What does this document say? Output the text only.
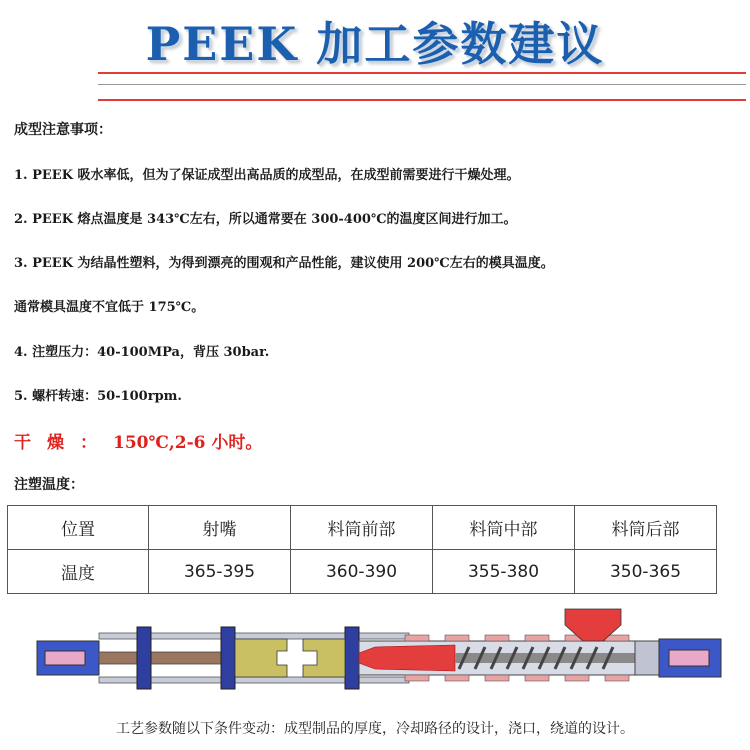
PEEK 加工参数建议
成型注意事项：
1. PEEK 吸水率低，但为了保证成型出高品质的成型品，在成型前需要进行干燥处理。
2. PEEK 熔点温度是 343℃左右，所以通常要在 300-400℃的温度区间进行加工。
3. PEEK 为结晶性塑料，为得到漂亮的围观和产品性能，建议使用 200℃左右的模具温度。
通常模具温度不宜低于 175℃。
4. 注塑压力：40-100MPa，背压 30bar.
5. 螺杆转速：50-100rpm.
干燥：150℃,2-6 小时。
注塑温度：
位置	射嘴	料筒前部	料筒中部	料筒后部
温度	365-395	360-390	355-380	350-365
工艺参数随以下条件变动：成型制品的厚度，冷却路径的设计，浇口，绕道的设计。
